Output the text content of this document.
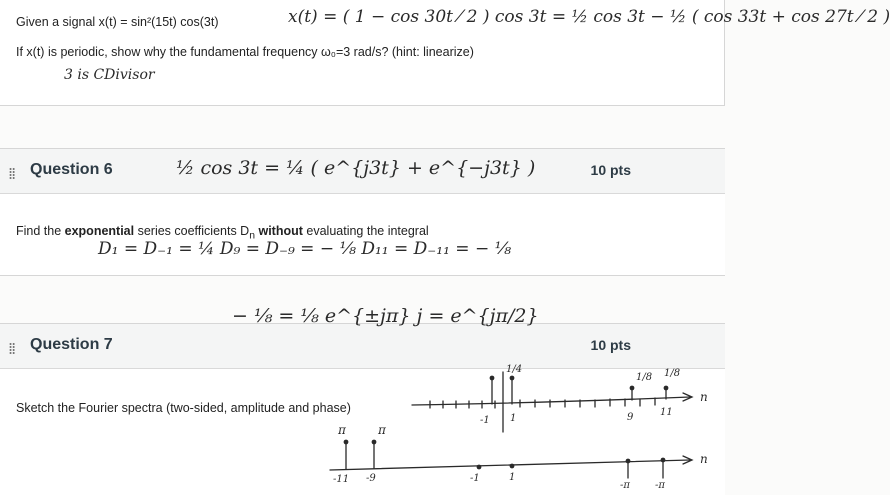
Given a signal x(t) = sin²(15t) cos(3t)	x(t) = ( 1 − cos 30t ⁄ 2 ) cos 3t = ½ cos 3t − ½ ( cos 33t + cos 27t ⁄ 2 )
If x(t) is periodic, show why the fundamental frequency ω₀=3 rad/s? (hint: linearize)
3 is CDivisor
⁞⁞ Question 6	½ cos 3t = ¼ ( e^{j3t} + e^{−j3t} )	10 pts
Find the exponential series coefficients $D_n$ without evaluating the integral
D₁ = D₋₁ = ¼ D₉ = D₋₉ = − ⅛ D₁₁ = D₋₁₁ = − ⅛
⁞⁞ Question 7	10 pts
Sketch the Fourier spectra (two-sided, amplitude and phase)
− ⅛ = ⅛ e^{±jπ} j = e^{jπ/2}
1/4
1/8 1/8
n
-1 1	9	11
π	π
n
-11 -9	-1	1
-π	-π
